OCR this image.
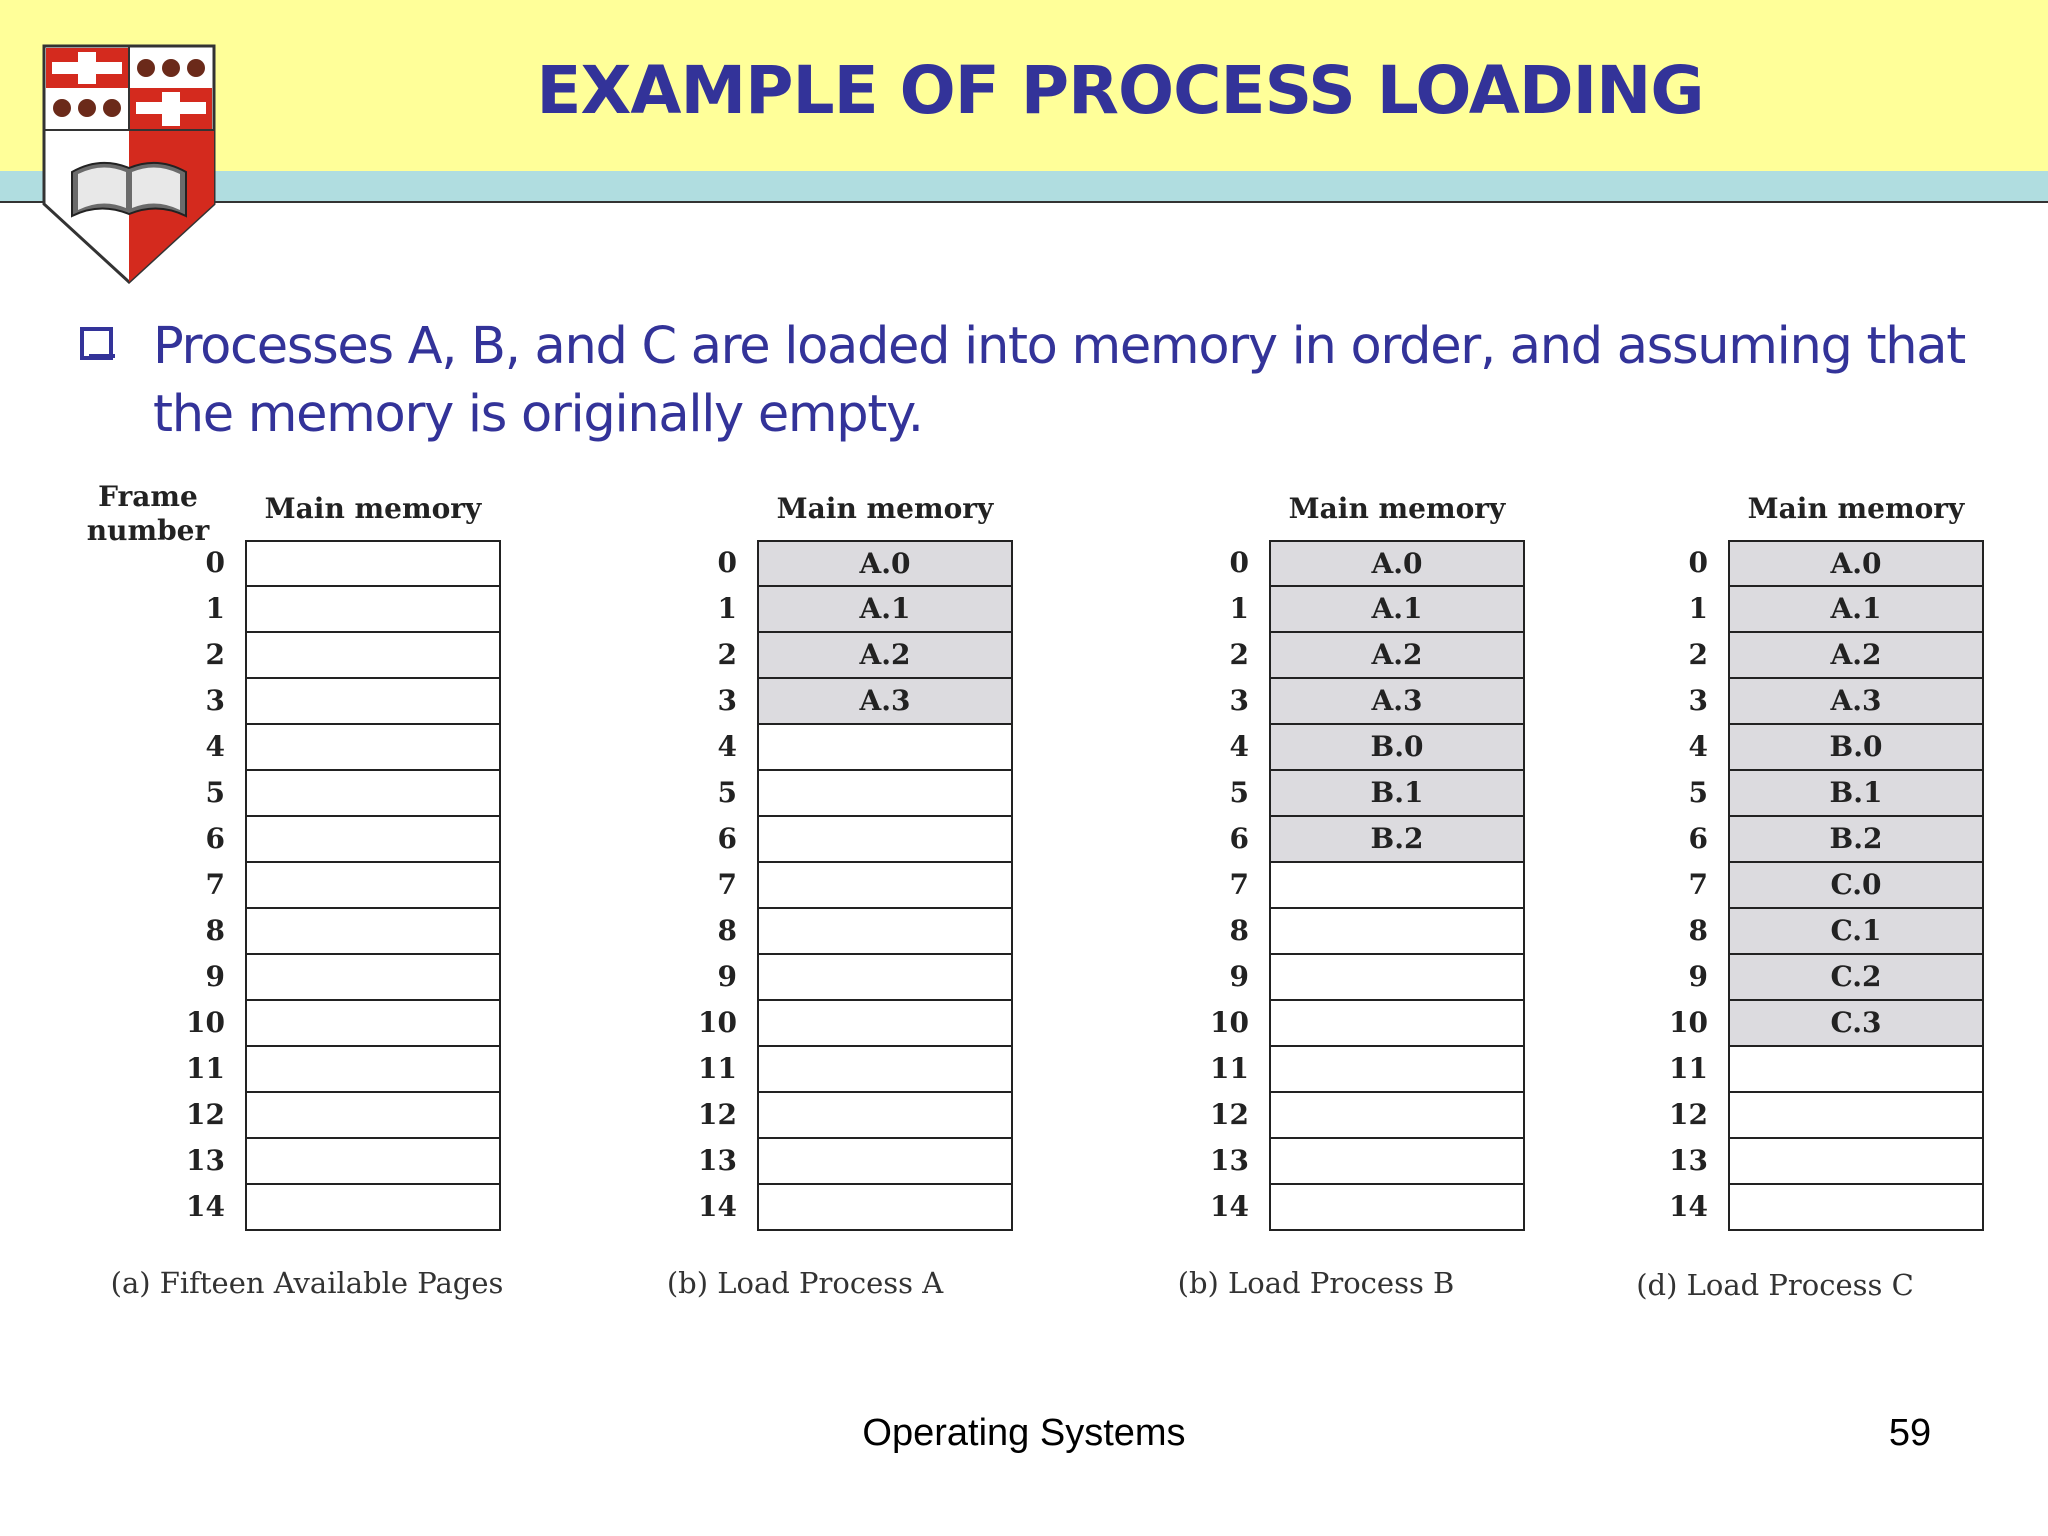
EXAMPLE OF PROCESS LOADING
Processes A, B, and C are loaded into memory in order, and assuming that the memory is originally empty.
Frame number
Main memory
0
1
2
3
4
5
6
7
8
9
10
11
12
13
14
(a) Fifteen Available Pages
Main memory
0
1
2
3
4
5
6
7
8
9
10
11
12
13
14
A.0
A.1
A.2
A.3
(b) Load Process A
Main memory
0
1
2
3
4
5
6
7
8
9
10
11
12
13
14
A.0
A.1
A.2
A.3
B.0
B.1
B.2
(b) Load Process B
Main memory
0
1
2
3
4
5
6
7
8
9
10
11
12
13
14
A.0
A.1
A.2
A.3
B.0
B.1
B.2
C.0
C.1
C.2
C.3
(d) Load Process C
Operating Systems	59
